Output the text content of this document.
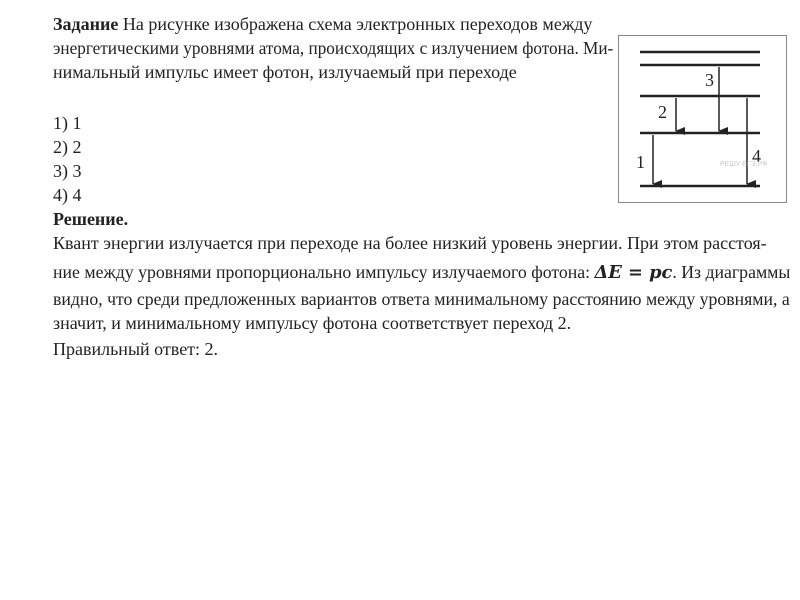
Задание На рисунке изображена схема электронных переходов между
энергетическими уровнями атома, происходящих с излучением фотона. Ми-
нимальный импульс имеет фотон, излучаемый при переходе
1) 1
2) 2
3) 3
4) 4
Решение.
Квант энергии излучается при переходе на более низкий уровень энергии. При этом расстоя-
ние между уровнями пропорционально импульсу излучаемого фотона: ΔE = pc. Из диаграммы
видно, что среди предложенных вариантов ответа минимальному расстоянию между уровнями, а
значит, и минимальному импульсу фотона соответствует переход 2.
Правильный ответ: 2.
1
2
3
4
РЕШУ ЕГЭ.РФ
